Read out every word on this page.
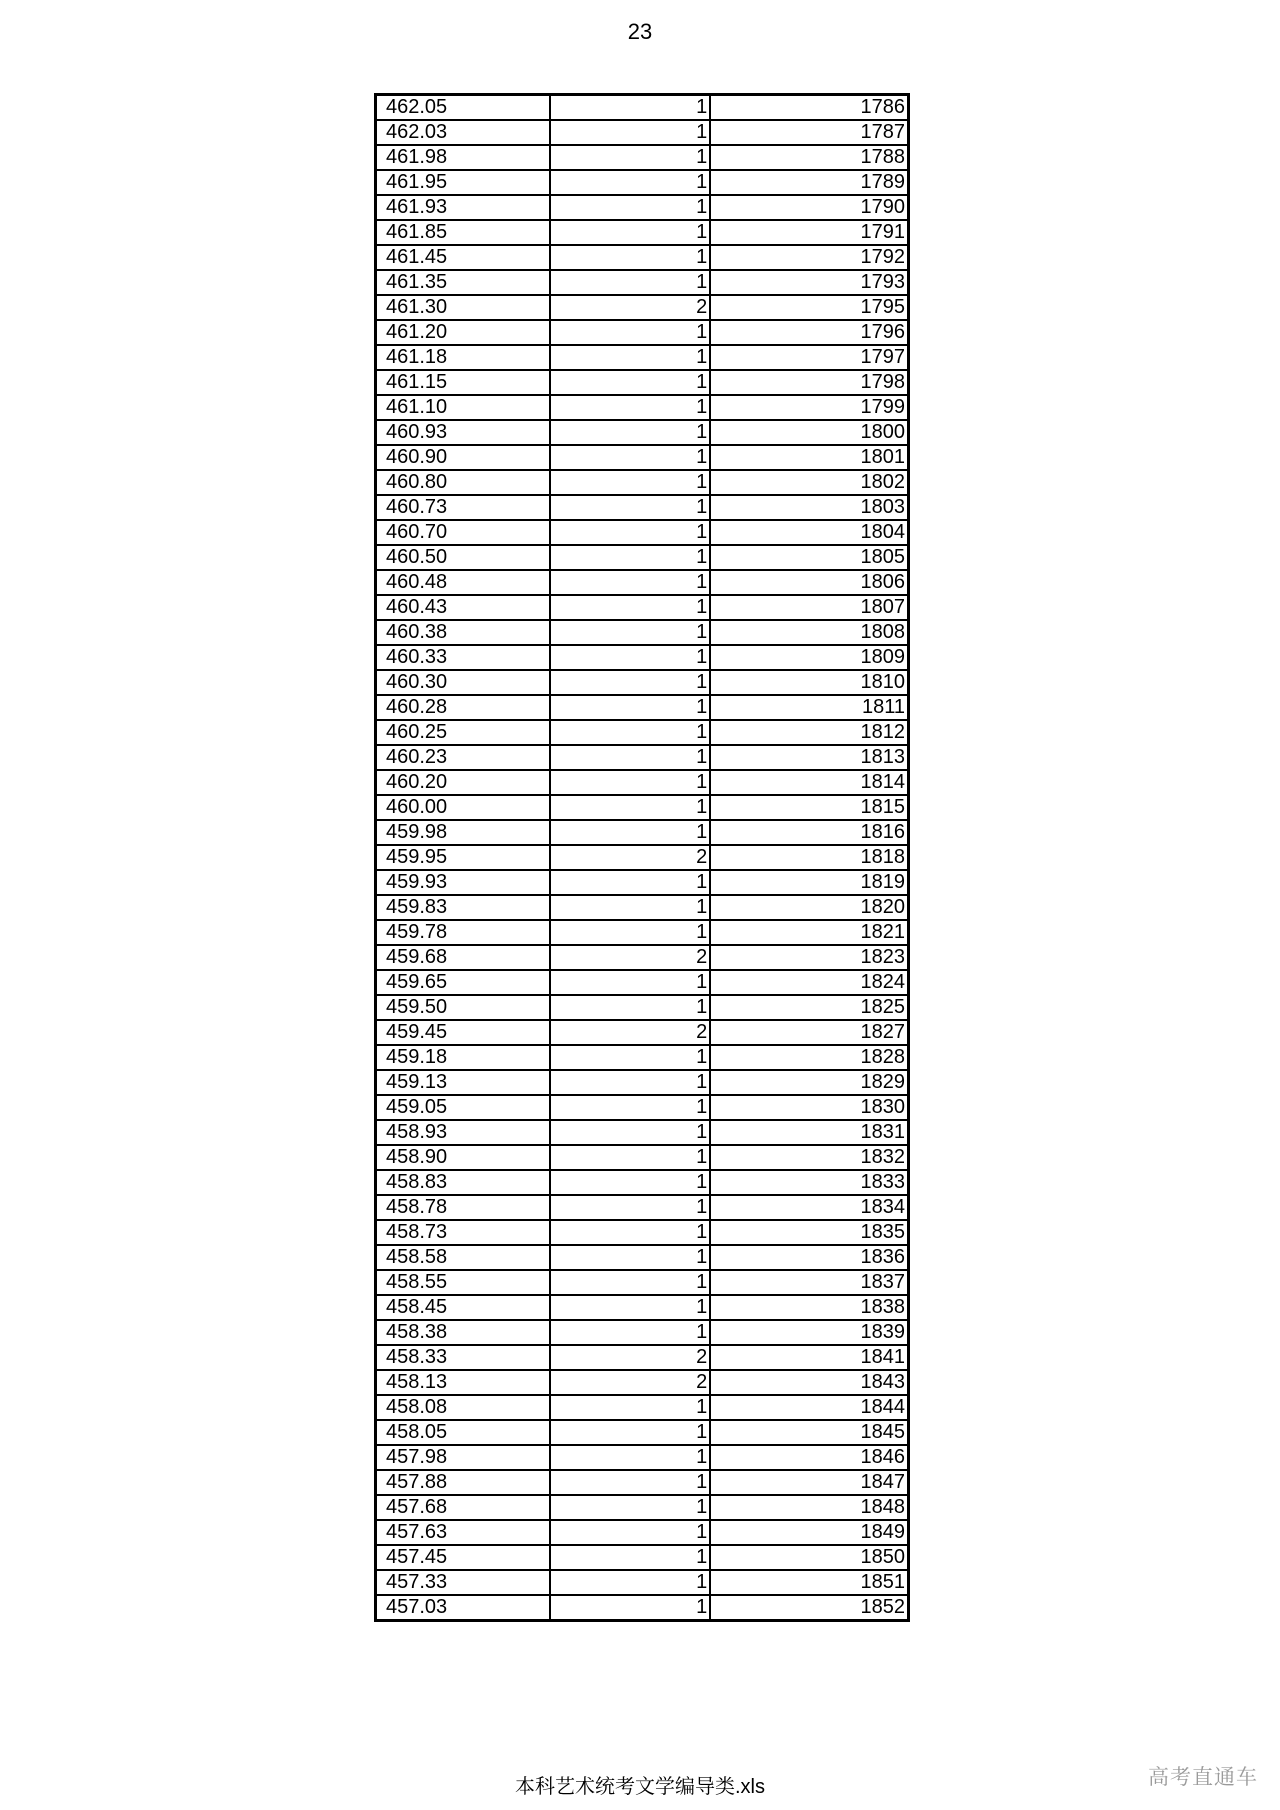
23
462.05	1	1786
462.03	1	1787
461.98	1	1788
461.95	1	1789
461.93	1	1790
461.85	1	1791
461.45	1	1792
461.35	1	1793
461.30	2	1795
461.20	1	1796
461.18	1	1797
461.15	1	1798
461.10	1	1799
460.93	1	1800
460.90	1	1801
460.80	1	1802
460.73	1	1803
460.70	1	1804
460.50	1	1805
460.48	1	1806
460.43	1	1807
460.38	1	1808
460.33	1	1809
460.30	1	1810
460.28	1	1811
460.25	1	1812
460.23	1	1813
460.20	1	1814
460.00	1	1815
459.98	1	1816
459.95	2	1818
459.93	1	1819
459.83	1	1820
459.78	1	1821
459.68	2	1823
459.65	1	1824
459.50	1	1825
459.45	2	1827
459.18	1	1828
459.13	1	1829
459.05	1	1830
458.93	1	1831
458.90	1	1832
458.83	1	1833
458.78	1	1834
458.73	1	1835
458.58	1	1836
458.55	1	1837
458.45	1	1838
458.38	1	1839
458.33	2	1841
458.13	2	1843
458.08	1	1844
458.05	1	1845
457.98	1	1846
457.88	1	1847
457.68	1	1848
457.63	1	1849
457.45	1	1850
457.33	1	1851
457.03	1	1852
本科艺术统考文学编导类.xls	高考直通车
